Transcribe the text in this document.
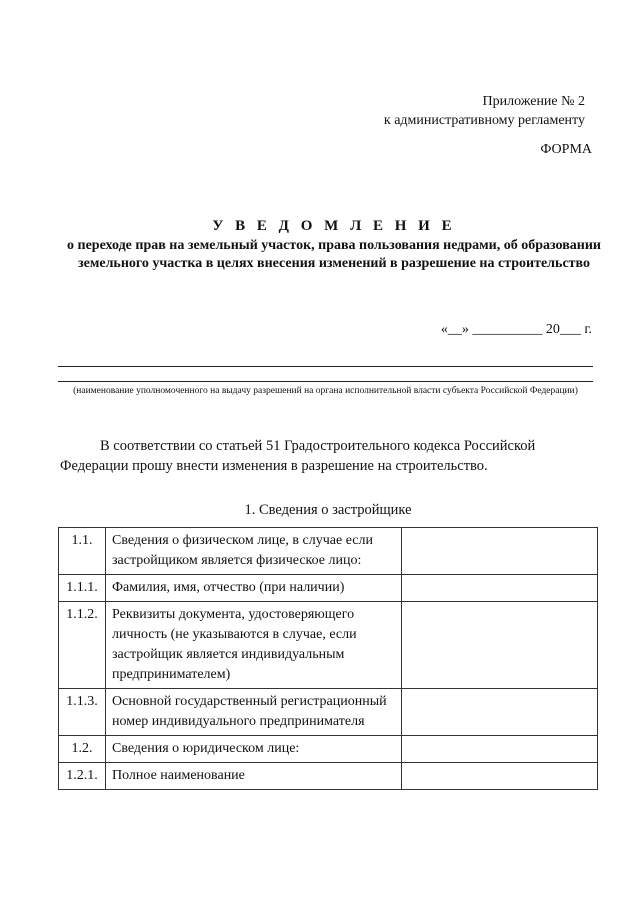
Приложение № 2
к административному регламенту
ФОРМА
У В Е Д О М Л Е Н И Е
о переходе прав на земельный участок, права пользования недрами, об образовании земельного участка в целях внесения изменений в разрешение на строительство
«__» __________ 20___ г.
(наименование уполномоченного на выдачу разрешений на органа исполнительной власти субъекта Российской Федерации)
В соответствии со статьей 51 Градостроительного кодекса Российской Федерации прошу внести изменения в разрешение на строительство.
1. Сведения о застройщике
1.1.	Сведения о физическом лице, в случае если застройщиком является физическое лицо:	
1.1.1.	Фамилия, имя, отчество (при наличии)	
1.1.2.	Реквизиты документа, удостоверяющего личность (не указываются в случае, если застройщик является индивидуальным предпринимателем)	
1.1.3.	Основной государственный регистрационный номер индивидуального предпринимателя	
1.2.	Сведения о юридическом лице:	
1.2.1.	Полное наименование	
